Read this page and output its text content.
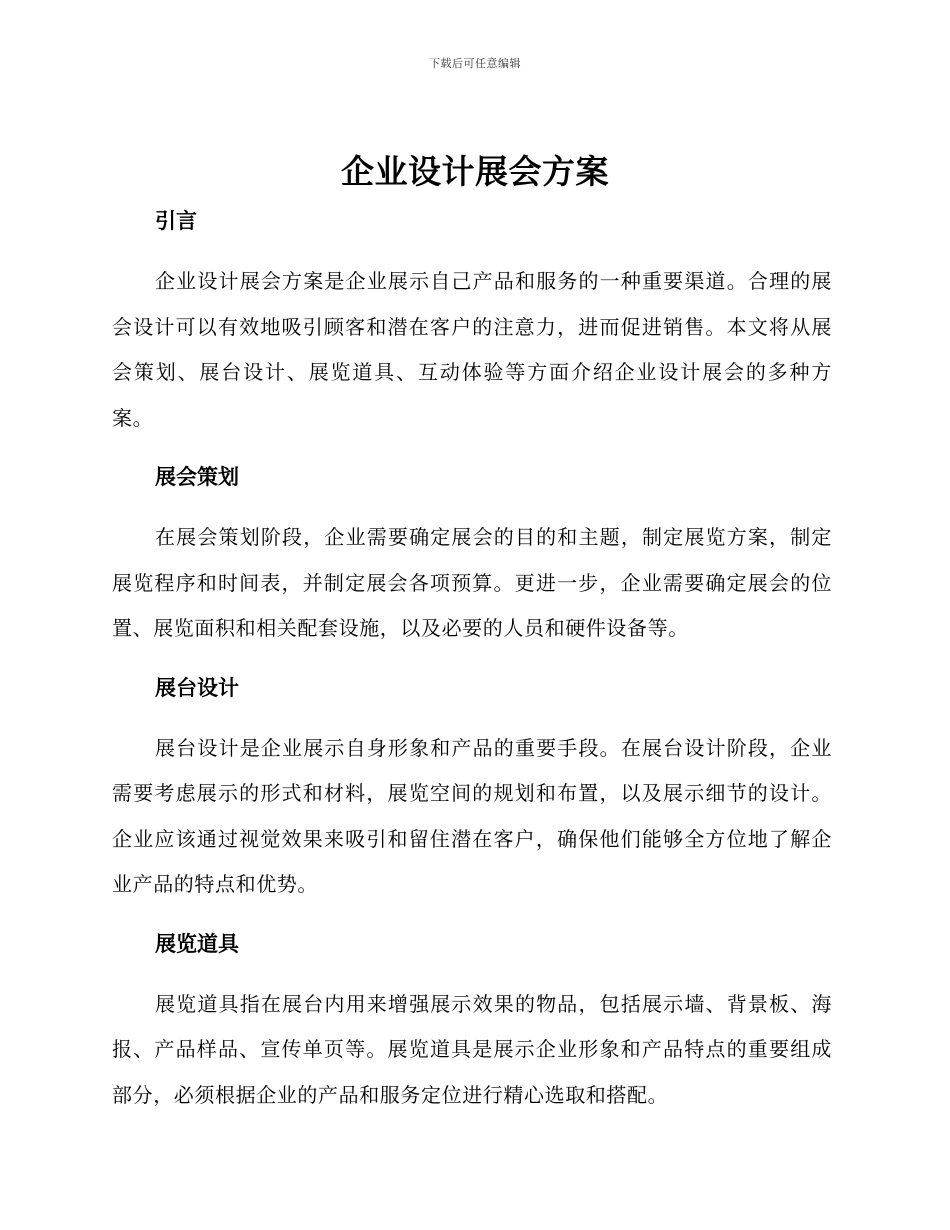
下载后可任意编辑
企业设计展会方案
引言

企业设计展会方案是企业展示自己产品和服务的一种重要渠道。合理的展会设计可以有效地吸引顾客和潜在客户的注意力，进而促进销售。本文将从展会策划、展台设计、展览道具、互动体验等方面介绍企业设计展会的多种方案。

展会策划

在展会策划阶段，企业需要确定展会的目的和主题，制定展览方案，制定展览程序和时间表，并制定展会各项预算。更进一步，企业需要确定展会的位置、展览面积和相关配套设施，以及必要的人员和硬件设备等。

展台设计

展台设计是企业展示自身形象和产品的重要手段。在展台设计阶段，企业需要考虑展示的形式和材料，展览空间的规划和布置，以及展示细节的设计。企业应该通过视觉效果来吸引和留住潜在客户，确保他们能够全方位地了解企业产品的特点和优势。

展览道具

展览道具指在展台内用来增强展示效果的物品，包括展示墙、背景板、海报、产品样品、宣传单页等。展览道具是展示企业形象和产品特点的重要组成部分，必须根据企业的产品和服务定位进行精心选取和搭配。
